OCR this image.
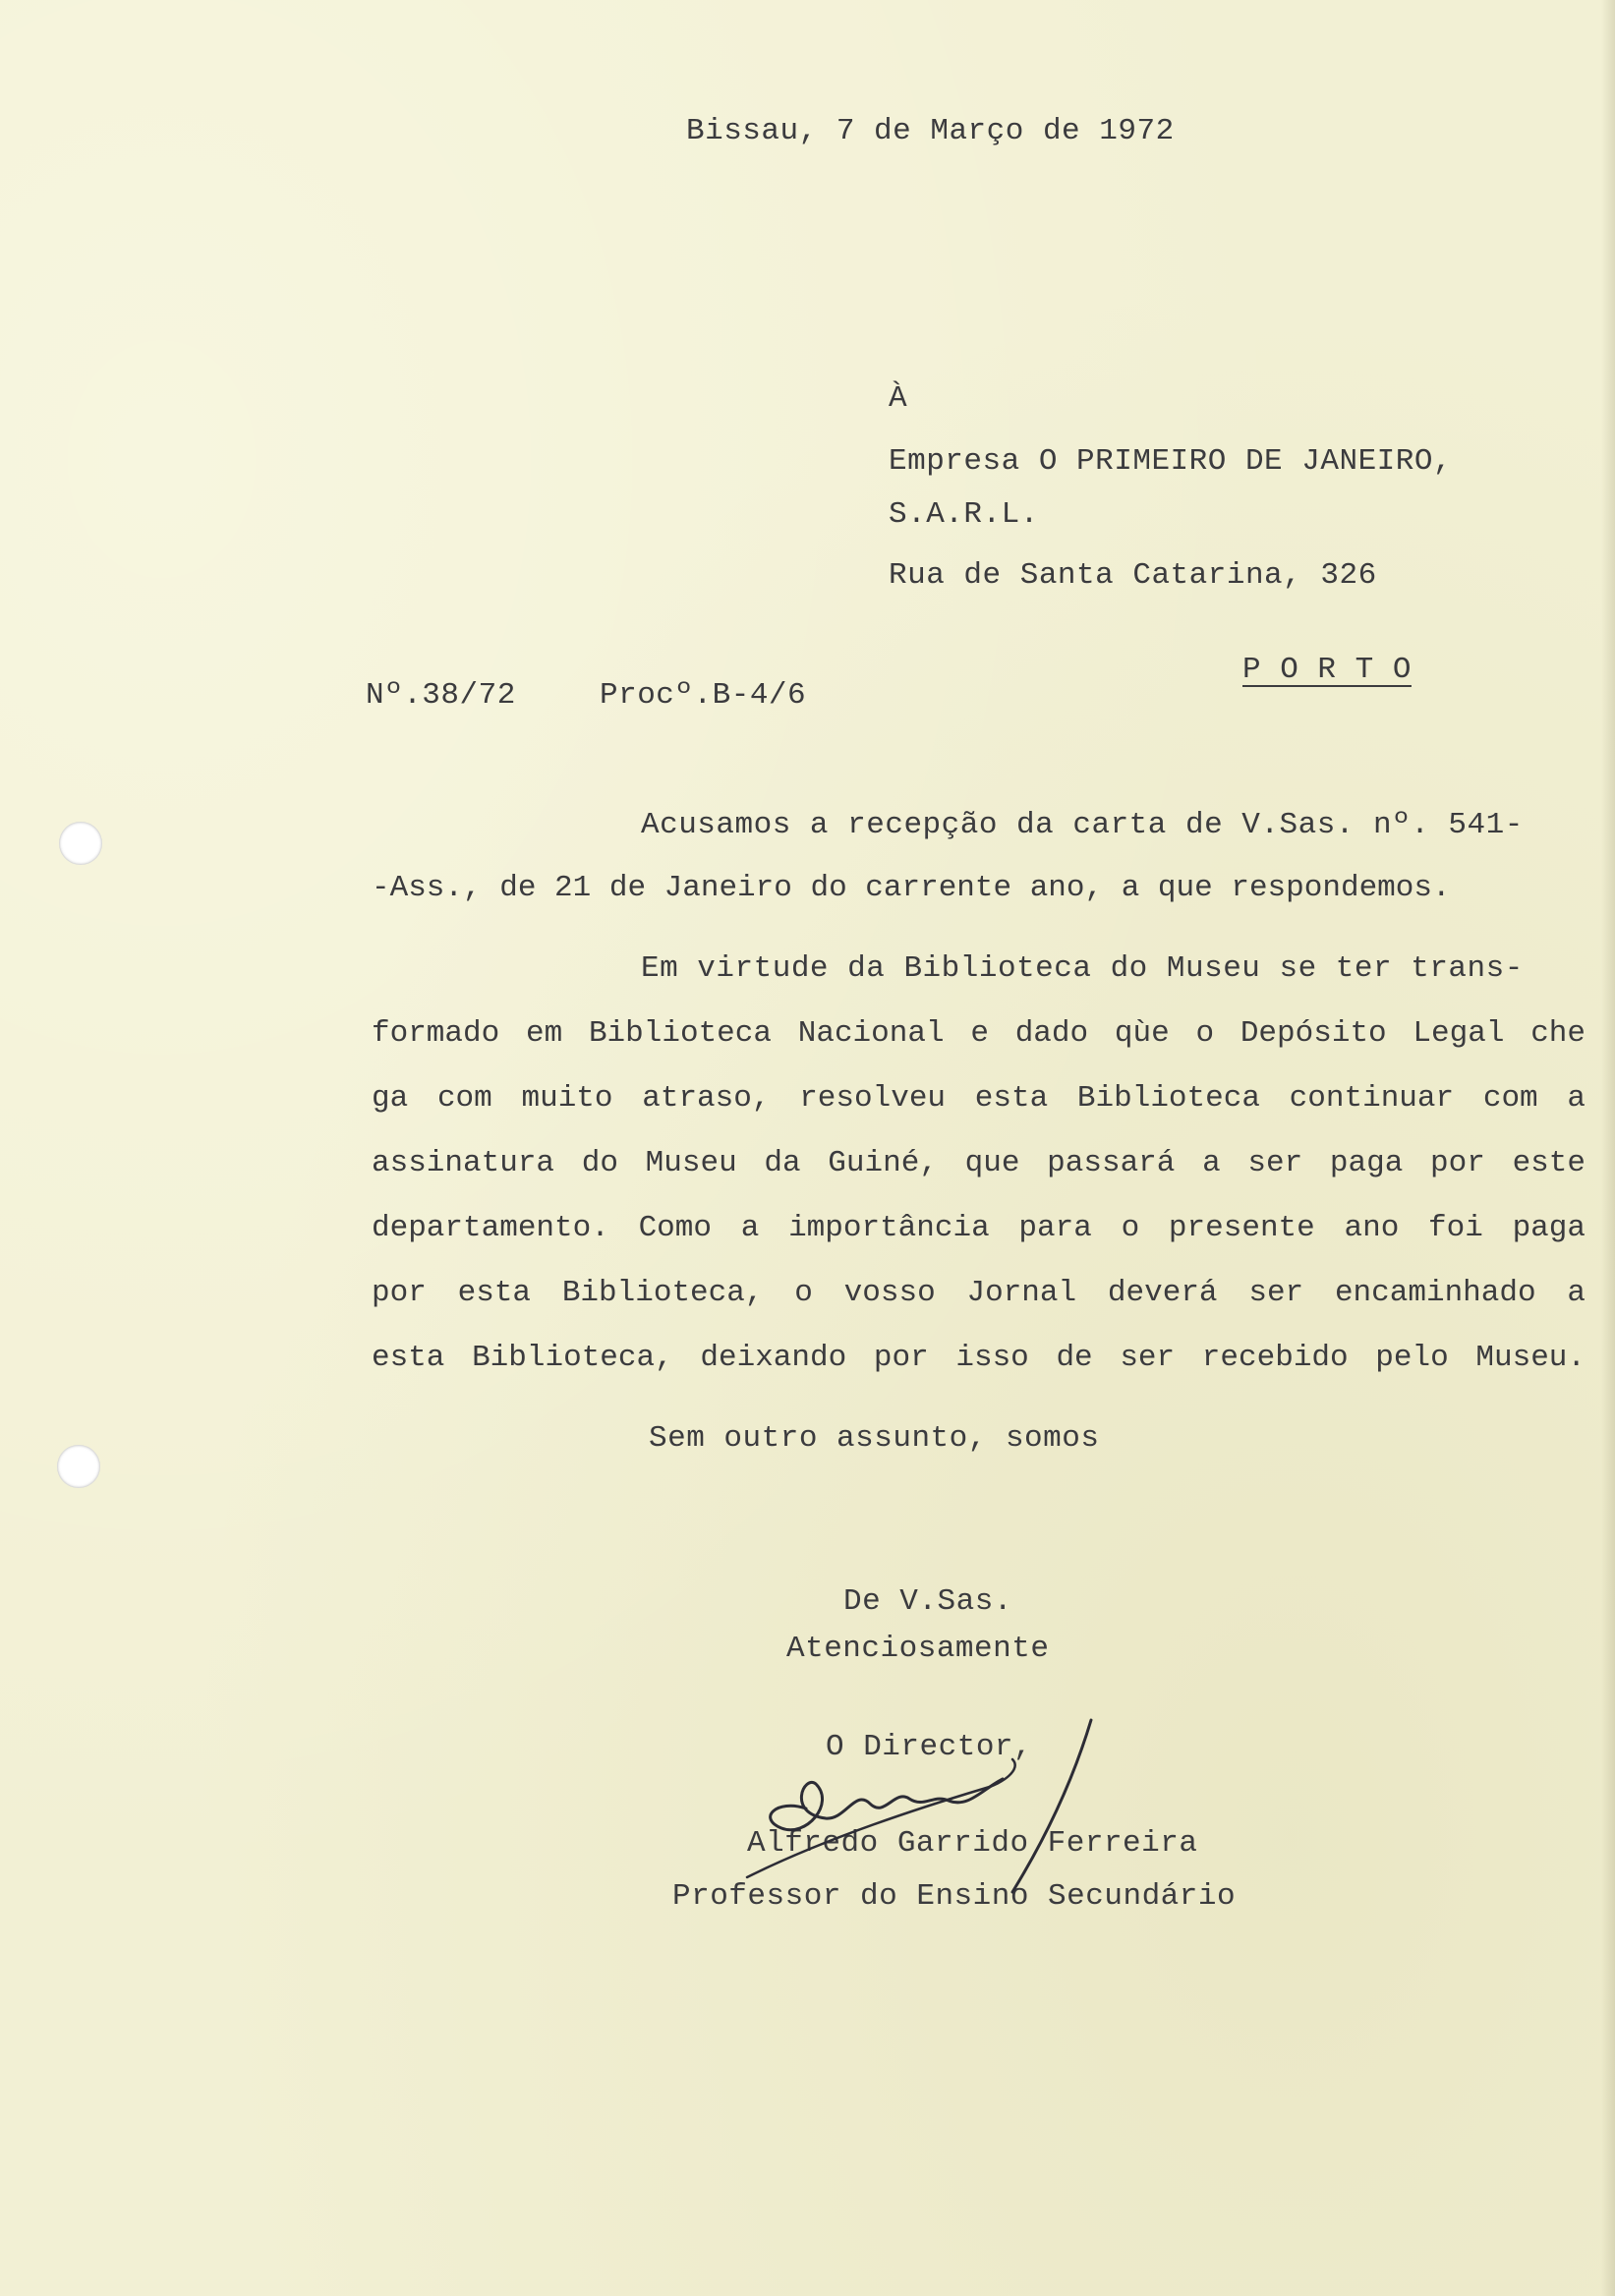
Bissau, 7 de Março de 1972
À
Empresa O PRIMEIRO DE JANEIRO,
S.A.R.L.
Rua de Santa Catarina, 326
P O R T O
Nº.38/72	Procº.B-4/6
Acusamos a recepção da carta de V.Sas. nº. 541-
-Ass., de 21 de Janeiro do carrente ano, a que respondemos.
Em virtude da Biblioteca do Museu se ter trans-
formado em Biblioteca Nacional e dado qùe o Depósito Legal che
ga com muito atraso, resolveu esta Biblioteca continuar com a
assinatura do Museu da Guiné, que passará a ser paga por este
departamento. Como a importância para o presente ano foi paga
por esta Biblioteca, o vosso Jornal deverá ser encaminhado a
esta Biblioteca, deixando por isso de ser recebido pelo Museu.
Sem outro assunto, somos
De V.Sas.
Atenciosamente
O Director,
Alfredo Garrido Ferreira
Professor do Ensino Secundário
